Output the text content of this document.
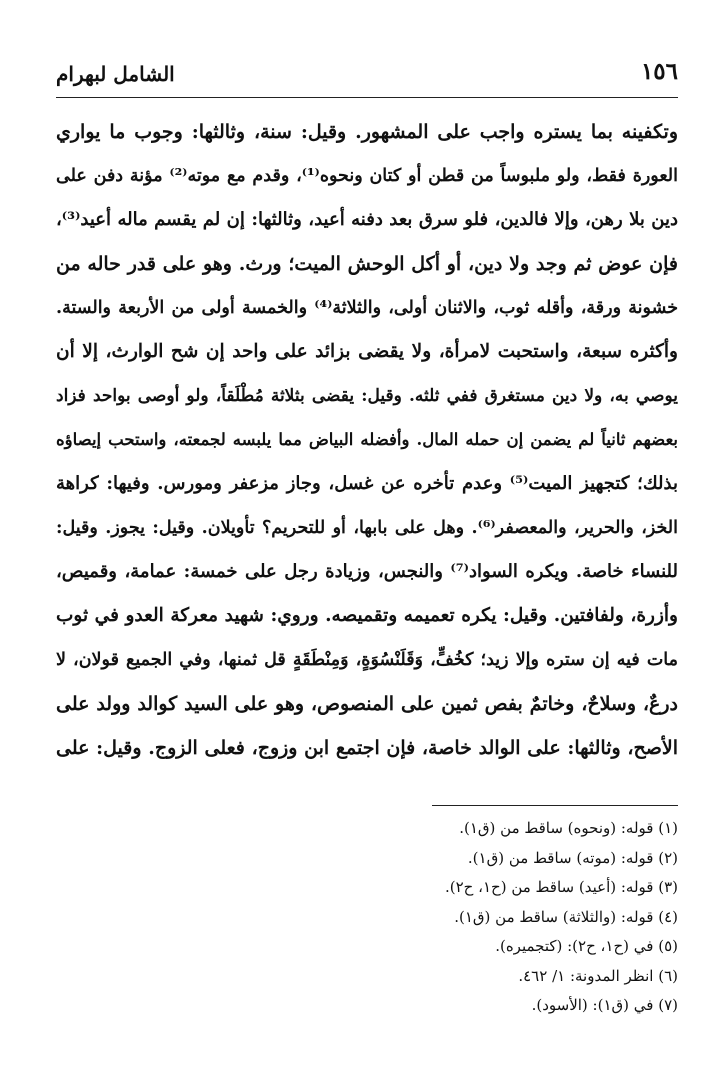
الشامل لبهرام	١٥٦
وتكفينه بما يستره واجب على المشهور. وقيل: سنة، وثالثها: وجوب ما يواري
العورة فقط، ولو ملبوساً من قطن أو كتان ونحوه⁽¹⁾، وقدم مع موته⁽²⁾ مؤنة دفن على
دين بلا رهن، وإلا فالدين، فلو سرق بعد دفنه أعيد، وثالثها: إن لم يقسم ماله أعيد⁽³⁾،
فإن عوض ثم وجد ولا دين، أو أكل الوحش الميت؛ ورث. وهو على قدر حاله من
خشونة ورقة، وأقله ثوب، والاثنان أولى، والثلاثة⁽⁴⁾ والخمسة أولى من الأربعة والستة.
وأكثره سبعة، واستحبت لامرأة، ولا يقضى بزائد على واحد إن شح الوارث، إلا أن
يوصي به، ولا دين مستغرق ففي ثلثه. وقيل: يقضى بثلاثة مُطْلَقاً، ولو أوصى بواحد فزاد
بعضهم ثانياً لم يضمن إن حمله المال. وأفضله البياض مما يلبسه لجمعته، واستحب إيصاؤه
بذلك؛ كتجهيز الميت⁽⁵⁾ وعدم تأخره عن غسل، وجاز مزعفر ومورس. وفيها: كراهة
الخز، والحرير، والمعصفر⁽⁶⁾. وهل على بابها، أو للتحريم؟ تأويلان. وقيل: يجوز. وقيل:
للنساء خاصة. ويكره السواد⁽⁷⁾ والنجس، وزيادة رجل على خمسة: عمامة، وقميص،
وأزرة، ولفافتين. وقيل: يكره تعميمه وتقميصه. وروي: شهيد معركة العدو في ثوب
مات فيه إن ستره وإلا زيد؛ كخُفٍّ، وَقَلَنْسُوَةٍ، وَمِنْطَقَةٍ قل ثمنها، وفي الجميع قولان، لا
درعٌ، وسلاحٌ، وخاتمٌ بفص ثمين على المنصوص، وهو على السيد كوالد وولد على
الأصح، وثالثها: على الوالد خاصة، فإن اجتمع ابن وزوج، فعلى الزوج. وقيل: على
(١) قوله: (ونحوه) ساقط من (ق١).
(٢) قوله: (موته) ساقط من (ق١).
(٣) قوله: (أعيد) ساقط من (ح١، ح٢).
(٤) قوله: (والثلاثة) ساقط من (ق١).
(٥) في (ح١، ح٢): (كتجميره).
(٦) انظر المدونة: ١/ ٤٦٢.
(٧) في (ق١): (الأسود).
